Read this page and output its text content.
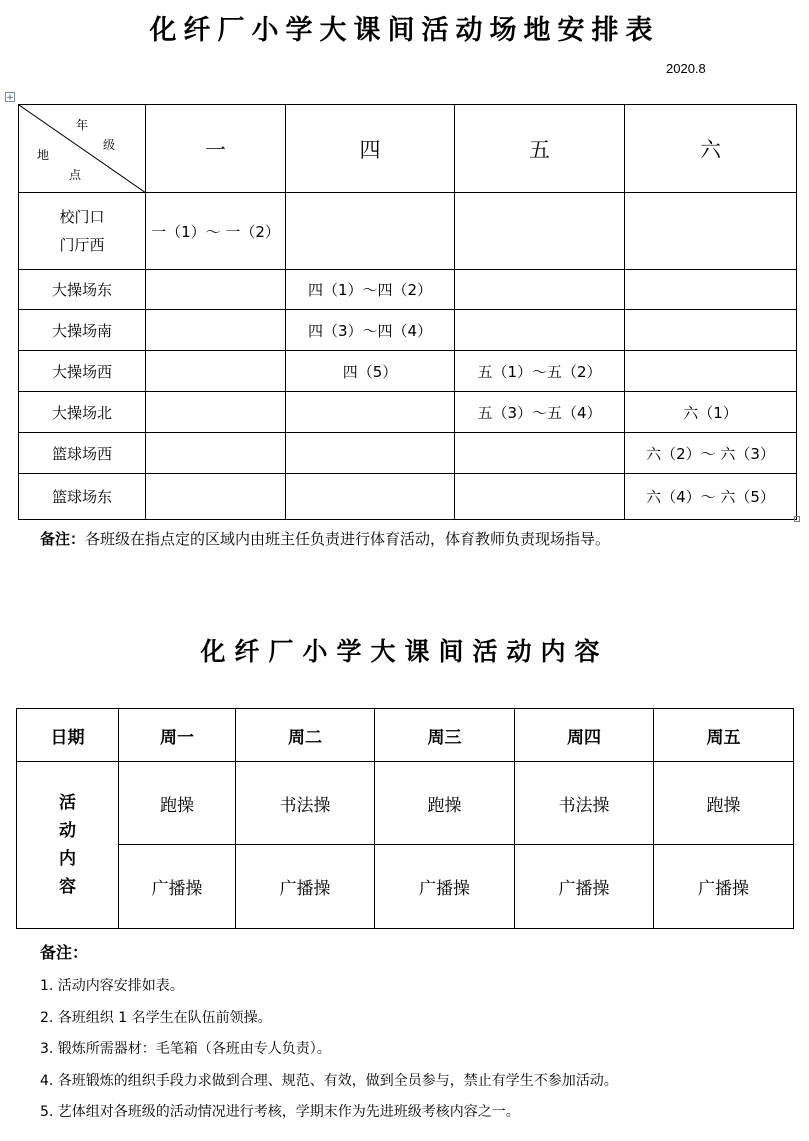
化纤厂小学大课间活动场地安排表
2020.8
+
年
级
地
点	一	四	五	六
校门口
门厅西	一（1）～ 一（2）			
大操场东		四（1）～四（2）		
大操场南		四（3）～四（4）		
大操场西		四（5）	五（1）～五（2）	
大操场北			五（3）～五（4）	六（1）
篮球场西				六（2）～ 六（3）
篮球场东				六（4）～ 六（5）
备注：各班级在指点定的区域内由班主任负责进行体育活动，体育教师负责现场指导。
化纤厂小学大课间活动内容
日期	周一	周二	周三	周四	周五
活
动
内
容	跑操	书法操	跑操	书法操	跑操
	广播操	广播操	广播操	广播操	广播操
备注：
1. 活动内容安排如表。
2. 各班组织 1 名学生在队伍前领操。
3. 锻炼所需器材：毛笔箱（各班由专人负责）。
4. 各班锻炼的组织手段力求做到合理、规范、有效，做到全员参与，禁止有学生不参加活动。
5. 艺体组对各班级的活动情况进行考核，学期末作为先进班级考核内容之一。
